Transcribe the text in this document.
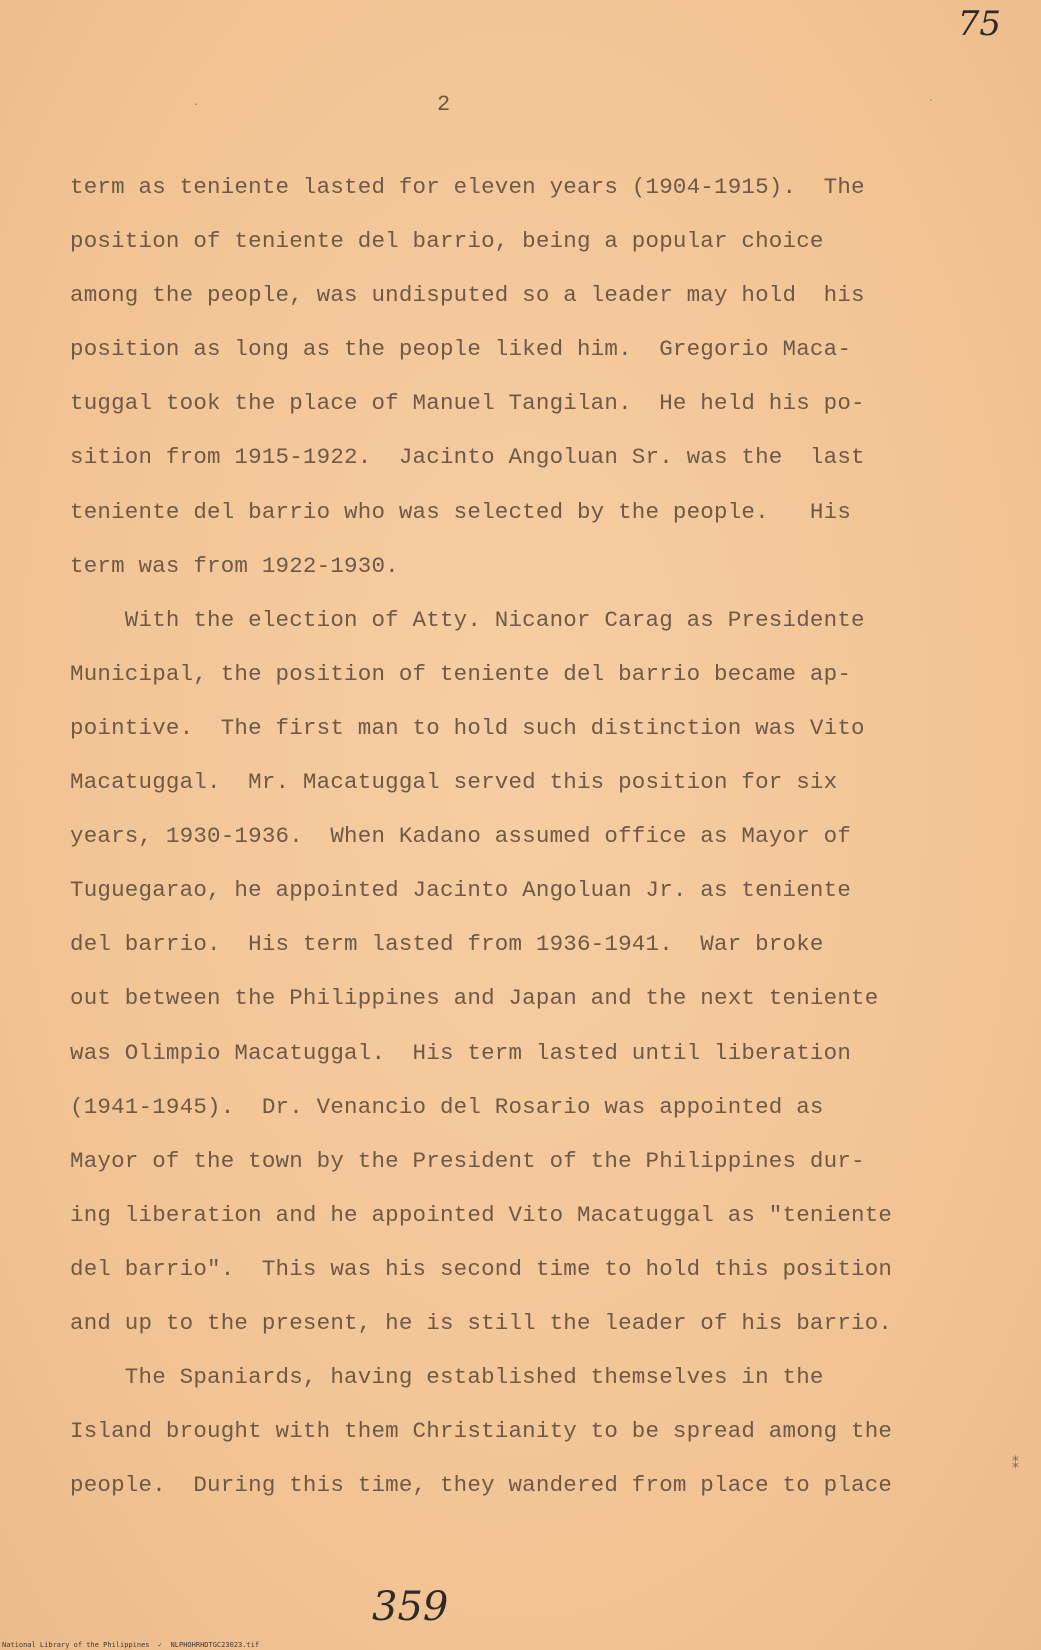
75
·	·
2
term as teniente lasted for eleven years (1904-1915).  The
position of teniente del barrio, being a popular choice
among the people, was undisputed so a leader may hold  his
position as long as the people liked him.  Gregorio Maca-
tuggal took the place of Manuel Tangilan.  He held his po-
sition from 1915-1922.  Jacinto Angoluan Sr. was the  last
teniente del barrio who was selected by the people.   His
term was from 1922-1930.
With the election of Atty. Nicanor Carag as Presidente
Municipal, the position of teniente del barrio became ap-
pointive.  The first man to hold such distinction was Vito
Macatuggal.  Mr. Macatuggal served this position for six
years, 1930-1936.  When Kadano assumed office as Mayor of
Tuguegarao, he appointed Jacinto Angoluan Jr. as teniente
del barrio.  His term lasted from 1936-1941.  War broke
out between the Philippines and Japan and the next teniente
was Olimpio Macatuggal.  His term lasted until liberation
(1941-1945).  Dr. Venancio del Rosario was appointed as
Mayor of the town by the President of the Philippines dur-
ing liberation and he appointed Vito Macatuggal as "teniente
del barrio".  This was his second time to hold this position
and up to the present, he is still the leader of his barrio.
The Spaniards, having established themselves in the
Island brought with them Christianity to be spread among the
people.  During this time, they wandered from place to place
⁑
359
National Library of the Philippines  ✓  NLPHOHRHDTGC23023.tif
